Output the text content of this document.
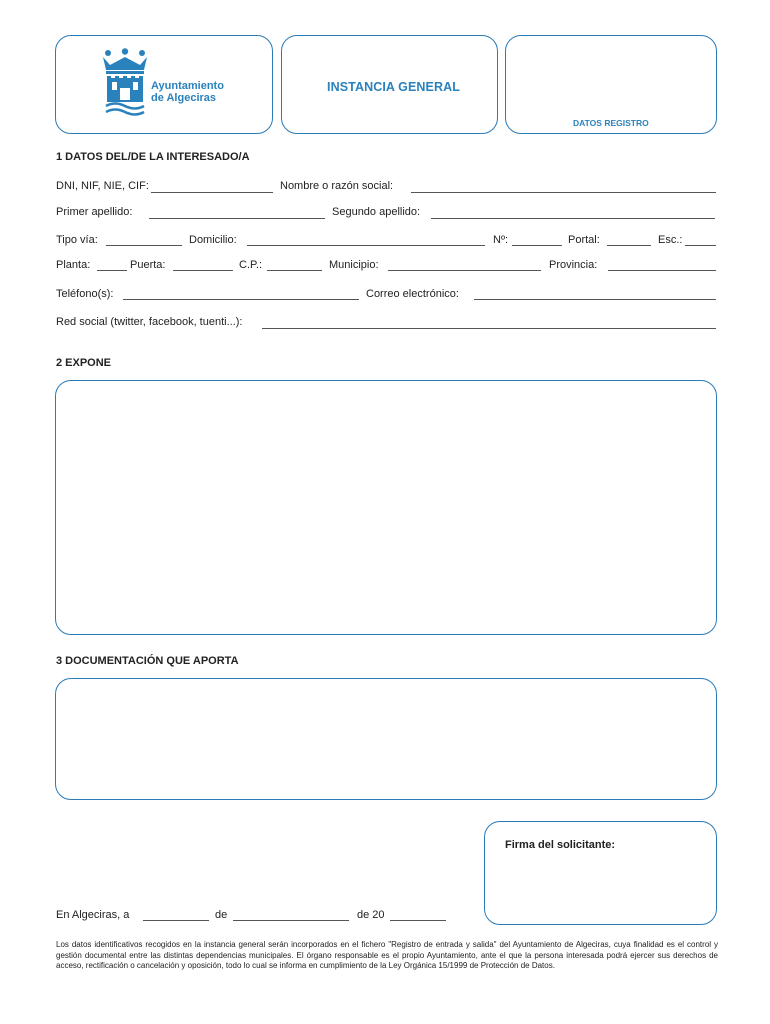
Ayuntamiento
de Algeciras
INSTANCIA GENERAL
DATOS REGISTRO
1 DATOS DEL/DE LA INTERESADO/A
DNI, NIF, NIE, CIF:	Nombre o razón social:
Primer apellido:	Segundo apellido:
Tipo vía:	Domicilio:	Nº:	Portal:	Esc.:
Planta:	Puerta:	C.P.:	Municipio:	Provincia:
Teléfono(s):	Correo electrónico:
Red social (twitter, facebook, tuenti...):
2 EXPONE
3 DOCUMENTACIÓN QUE APORTA
Firma del solicitante:
En Algeciras, a	de	de 20
Los datos identificativos recogidos en la instancia general serán incorporados en el fichero "Registro de entrada y salida" del Ayuntamiento de Algeciras, cuya finalidad es el control y gestión documental entre las distintas dependencias municipales. El órgano responsable es el propio Ayuntamiento, ante el que la persona interesada podrá ejercer sus derechos de acceso, rectificación o cancelación y oposición, todo lo cual se informa en cumplimiento de la Ley Orgánica 15/1999 de Protección de Datos.
